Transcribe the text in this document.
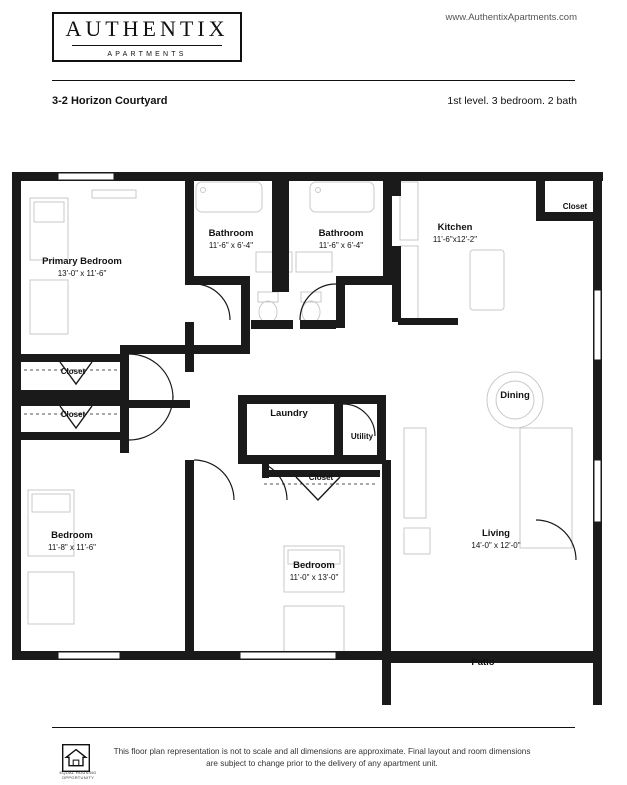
AUTHENTIX
APARTMENTS
www.AuthentixApartments.com
3-2 Horizon Courtyard	1st level. 3 bedroom. 2 bath
Primary Bedroom
13'-0" x 11'-6"
Bathroom
11'-6" x 6'-4"
Bathroom
11'-6" x 6'-4"
Kitchen
11'-6"x12'-2"
Closet
Closet
Closet	Laundry
Utility
Closet
Dining
Bedroom
11'-8" x 11'-6"
Bedroom
11'-0" x 13'-0"
Living
14'-0" x 12'-0"
Patio
EQUAL HOUSING OPPORTUNITY
This floor plan representation is not to scale and all dimensions are approximate. Final layout and room dimensions are subject to change prior to the delivery of any apartment unit.
